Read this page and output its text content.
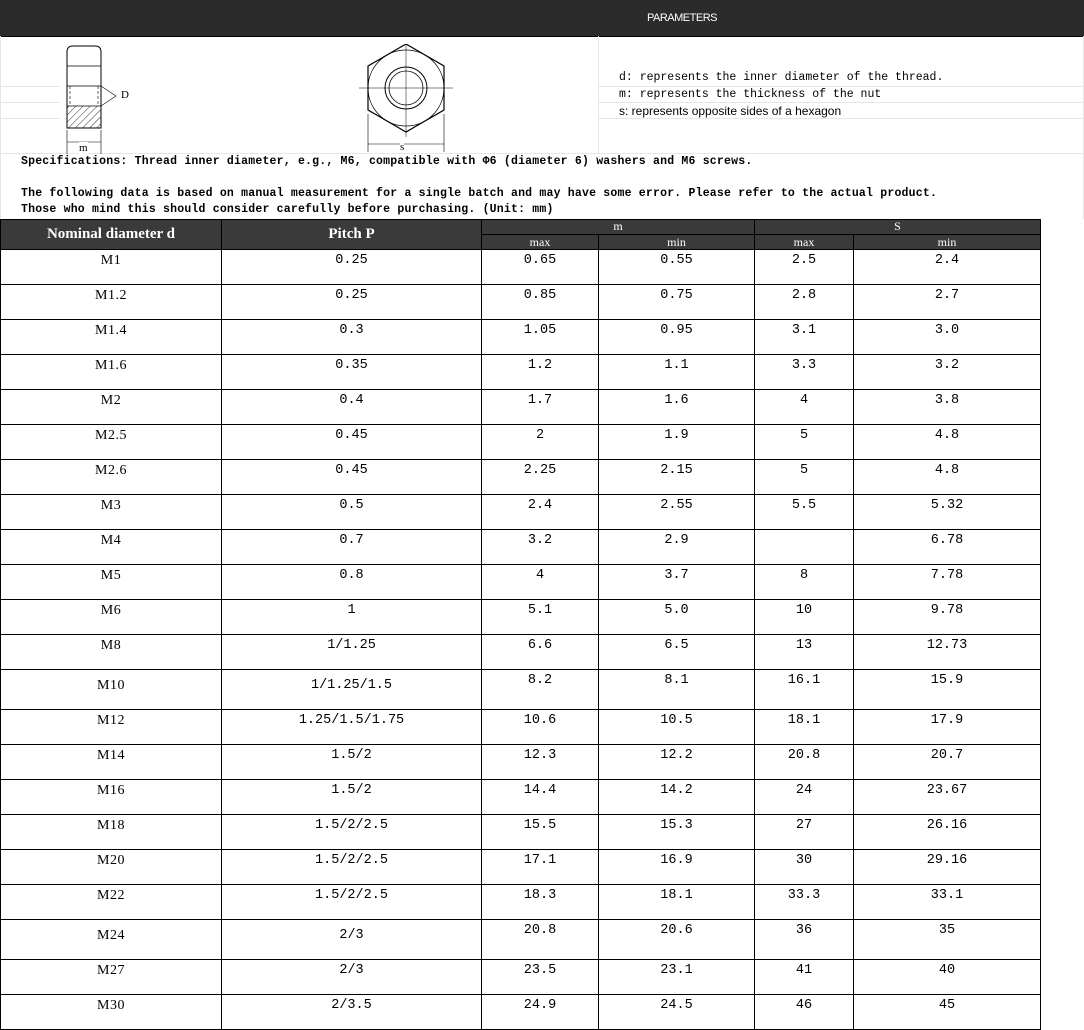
PARAMETERS
D
m	s
d: represents the inner diameter of the thread.
m: represents the thickness of the nut
s: represents opposite sides of a hexagon
Specifications: Thread inner diameter, e.g., M6, compatible with Φ6 (diameter 6) washers and M6 screws.
The following data is based on manual measurement for a single batch and may have some error. Please refer to the actual product.
Those who mind this should consider carefully before purchasing. (Unit: mm)
Nominal diameter d	Pitch P	m		S	
		max	min	max	min
M1	0.25	0.65	0.55	2.5	2.4
M1.2	0.25	0.85	0.75	2.8	2.7
M1.4	0.3	1.05	0.95	3.1	3.0
M1.6	0.35	1.2	1.1	3.3	3.2
M2	0.4	1.7	1.6	4	3.8
M2.5	0.45	2	1.9	5	4.8
M2.6	0.45	2.25	2.15	5	4.8
M3	0.5	2.4	2.55	5.5	5.32
M4	0.7	3.2	2.9		6.78
M5	0.8	4	3.7	8	7.78
M6	1	5.1	5.0	10	9.78
M8	1/1.25	6.6	6.5	13	12.73
M10	1/1.25/1.5	8.2	8.1	16.1	15.9
M12	1.25/1.5/1.75	10.6	10.5	18.1	17.9
M14	1.5/2	12.3	12.2	20.8	20.7
M16	1.5/2	14.4	14.2	24	23.67
M18	1.5/2/2.5	15.5	15.3	27	26.16
M20	1.5/2/2.5	17.1	16.9	30	29.16
M22	1.5/2/2.5	18.3	18.1	33.3	33.1
M24	2/3	20.8	20.6	36	35
M27	2/3	23.5	23.1	41	40
M30	2/3.5	24.9	24.5	46	45
